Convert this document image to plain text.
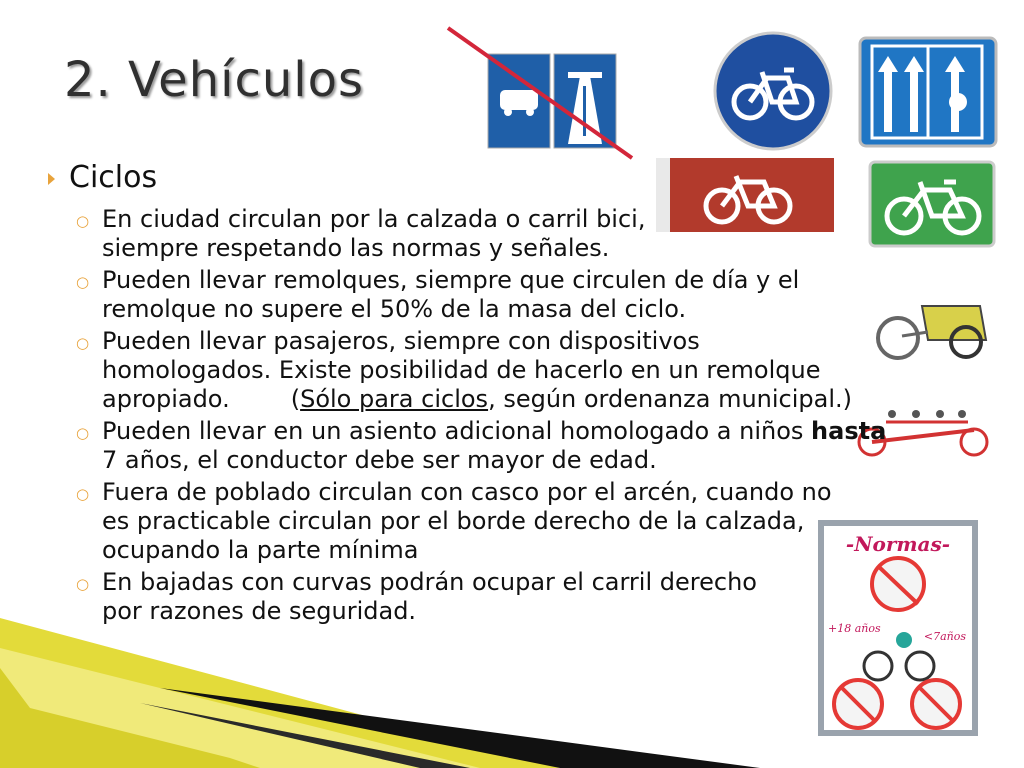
2. Vehículos
-Normas-
+18 años
<7años
Ciclos
○ En ciudad circulan por la calzada o carril bici, siempre respetando las normas y señales.
○ Pueden llevar remolques, siempre que circulen de día y el remolque no supere el 50% de la masa del ciclo.
○ Pueden llevar pasajeros, siempre con dispositivos homologados. Existe posibilidad de hacerlo en un remolque apropiado.        (Sólo para ciclos, según ordenanza municipal.)
○ Pueden llevar en un asiento adicional homologado a niños hasta 7 años, el conductor debe ser mayor de edad.
○ Fuera de poblado circulan con casco por el arcén, cuando no es practicable circulan por el borde derecho de la calzada, ocupando la parte mínima
○ En bajadas con curvas podrán ocupar el carril derecho por razones de seguridad.
